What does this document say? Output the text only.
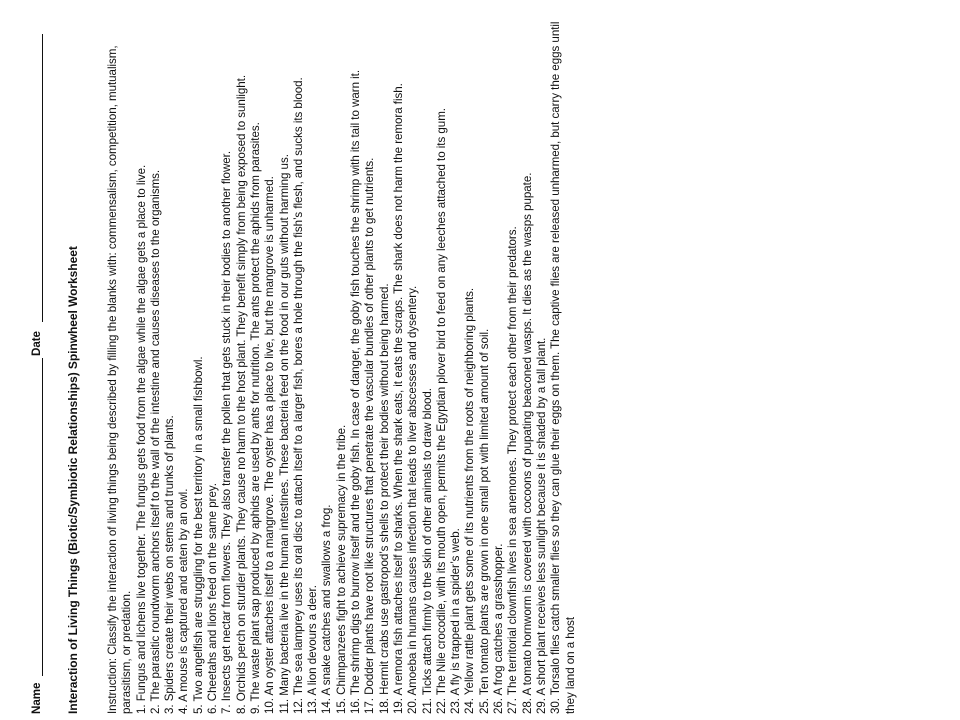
Name
Date Interaction of Living Things (Biotic/Symbiotic Relationships) Spinwheel Worksheet Instruction: Classify the interaction of living things being described by filling the blanks with: commensalism, competition, mutualism, parasitism, or predation. 1. Fungus and lichens live together. The fungus gets food from the algae while the algae gets a place to live. 2. The parasitic roundworm anchors itself to the wall of the intestine and causes diseases to the organisms. 3. Spiders create their webs on stems and trunks of plants. 4. A mouse is captured and eaten by an owl. 5. Two angelfish are struggling for the best territory in a small fishbowl. 6. Cheetahs and lions feed on the same prey. 7. Insects get nectar from flowers. They also transfer the pollen that gets stuck in their bodies to another flower. 8. Orchids perch on sturdier plants. They cause no harm to the host plant. They benefit simply from being exposed to sunlight. 9. The waste plant sap produced by aphids are used by ants for nutrition. The ants protect the aphids from parasites. 10. An oyster attaches itself to a mangrove. The oyster has a place to live, but the mangrove is unharmed. 11. Many bacteria live in the human intestines. These bacteria feed on the food in our guts without harming us. 12. The sea lamprey uses its oral disc to attach itself to a larger fish, bores a hole through the fish’s flesh, and sucks its blood. 13. A lion devours a deer. 14. A snake catches and swallows a frog. 15. Chimpanzees fight to achieve supremacy in the tribe. 16. The shrimp digs to burrow itself and the goby fish. In case of danger, the goby fish touches the shrimp with its tail to warn it. 17. Dodder plants have root like structures that penetrate the vascular bundles of other plants to get nutrients. 18. Hermit crabs use gastropod’s shells to protect their bodies without being harmed. 19. A remora fish attaches itself to sharks. When the shark eats, it eats the scraps. The shark does not harm the remora fish. 20. Amoeba in humans causes infection that leads to liver abscesses and dysentery. 21. Ticks attach firmly to the skin of other animals to draw blood. 22. The Nile crocodile, with its mouth open, permits the Egyptian plover bird to feed on any leeches attached to its gum. 23. A fly is trapped in a spider’s web. 24. Yellow rattle plant gets some of its nutrients from the roots of neighboring plants. 25. Ten tomato plants are grown in one small pot with limited amount of soil. 26. A frog catches a grasshopper. 27. The territorial clownfish lives in sea anemones. They protect each other from their predators. 28. A tomato hornworm is covered with cocoons of pupating beaconed wasps. It dies as the wasps pupate. 29. A short plant receives less sunlight because it is shaded by a tall plant. 30. Torsalo flies catch smaller flies so they can glue their eggs on them. The captive flies are released unharmed, but carry the eggs until they land on a host
